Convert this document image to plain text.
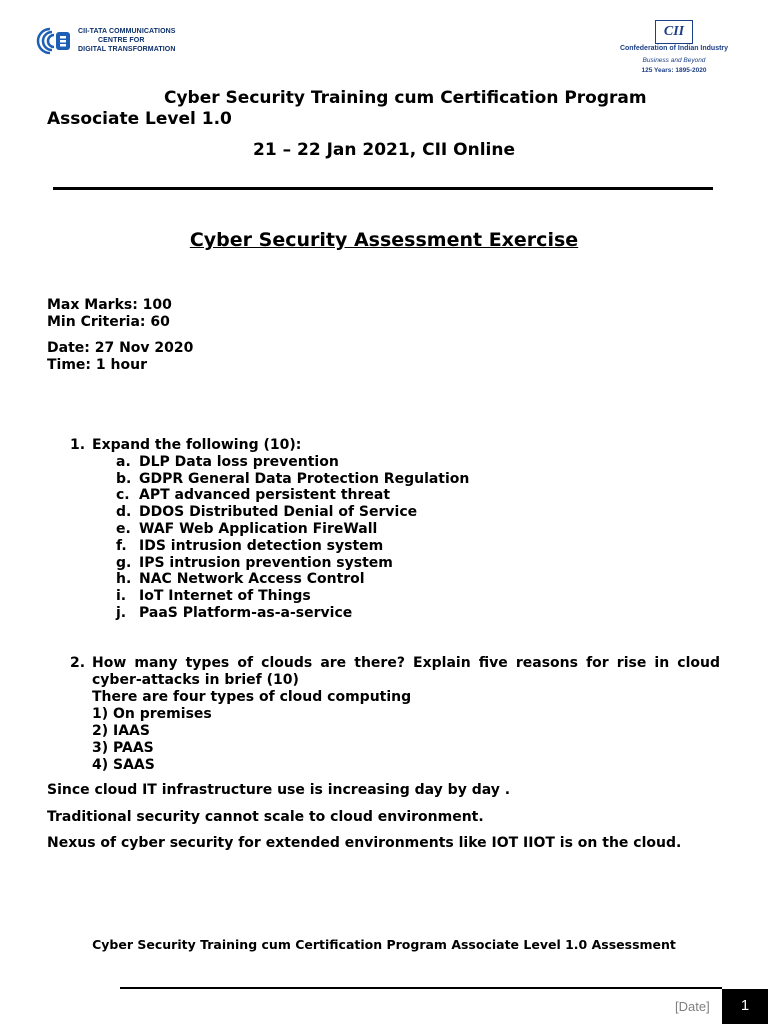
CII-TATA COMMUNICATIONS
CENTRE FOR
DIGITAL TRANSFORMATION
CII
Confederation of Indian Industry
Business and Beyond
125 Years: 1895-2020
Cyber Security Training cum Certification Program
Associate Level 1.0
21 – 22 Jan 2021, CII Online
Cyber Security Assessment Exercise
Max Marks: 100
Min Criteria: 60
Date: 27 Nov 2020
Time: 1 hour
1. Expand the following (10):
a. DLP Data loss prevention
b. GDPR General Data Protection Regulation
c. APT advanced persistent threat
d. DDOS Distributed Denial of Service
e. WAF Web Application FireWall
f. IDS intrusion detection system
g. IPS intrusion prevention system
h. NAC Network Access Control
i. IoT Internet of Things
j. PaaS Platform-as-a-service
2. How many types of clouds are there? Explain five reasons for rise in cloud cyber-attacks in brief (10)
There are four types of cloud computing
1) On premises
2) IAAS
3) PAAS
4) SAAS
Since cloud IT infrastructure use is increasing day by day .
Traditional security cannot scale to cloud environment.
Nexus of cyber security for extended environments like IOT IIOT is on the cloud.
Cyber Security Training cum Certification Program Associate Level 1.0 Assessment
[Date]	1
